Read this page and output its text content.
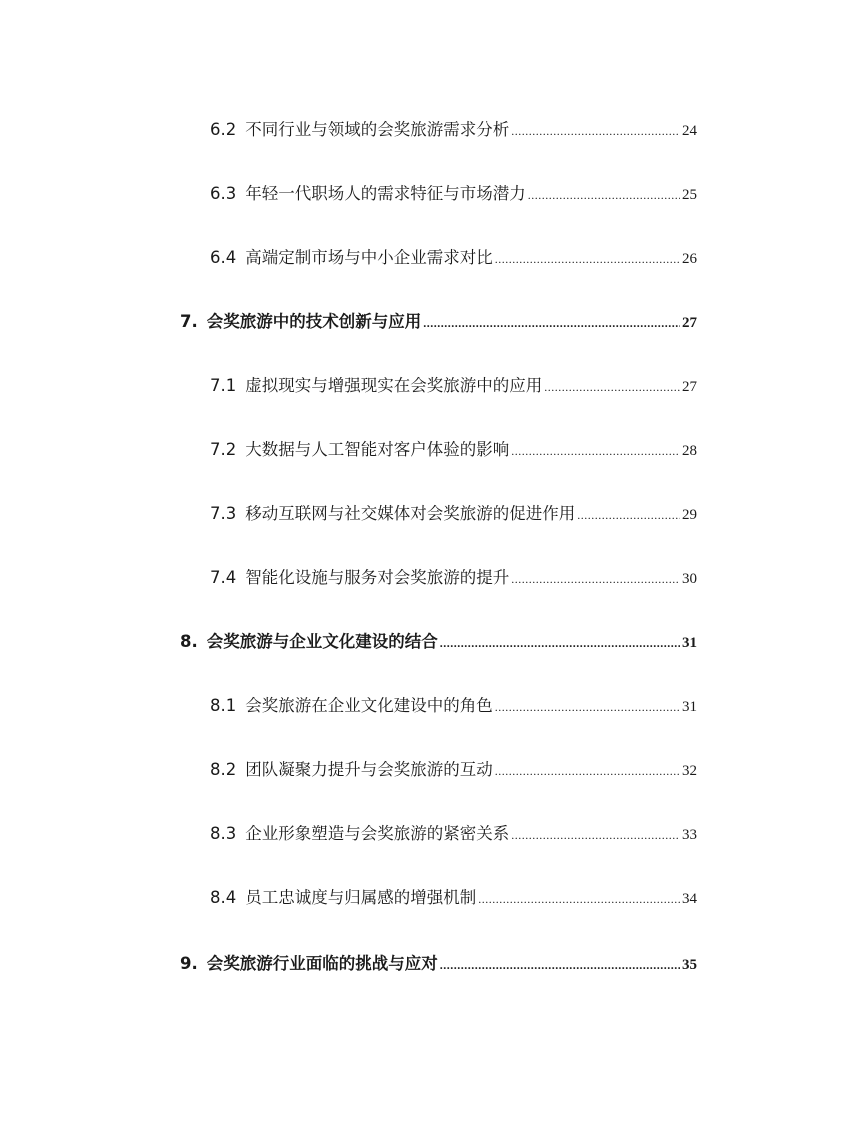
6.2 不同行业与领域的会奖旅游需求分析 .....	24
6.3 年轻一代职场人的需求特征与市场潜力 .....	25
6.4 高端定制市场与中小企业需求对比 .....	26
7. 会奖旅游中的技术创新与应用 .....	27
7.1 虚拟现实与增强现实在会奖旅游中的应用 .....	27
7.2 大数据与人工智能对客户体验的影响 .....	28
7.3 移动互联网与社交媒体对会奖旅游的促进作用 .....	29
7.4 智能化设施与服务对会奖旅游的提升 .....	30
8. 会奖旅游与企业文化建设的结合 .....	31
8.1 会奖旅游在企业文化建设中的角色 .....	31
8.2 团队凝聚力提升与会奖旅游的互动 .....	32
8.3 企业形象塑造与会奖旅游的紧密关系 .....	33
8.4 员工忠诚度与归属感的增强机制 .....	34
9. 会奖旅游行业面临的挑战与应对 .....	35
